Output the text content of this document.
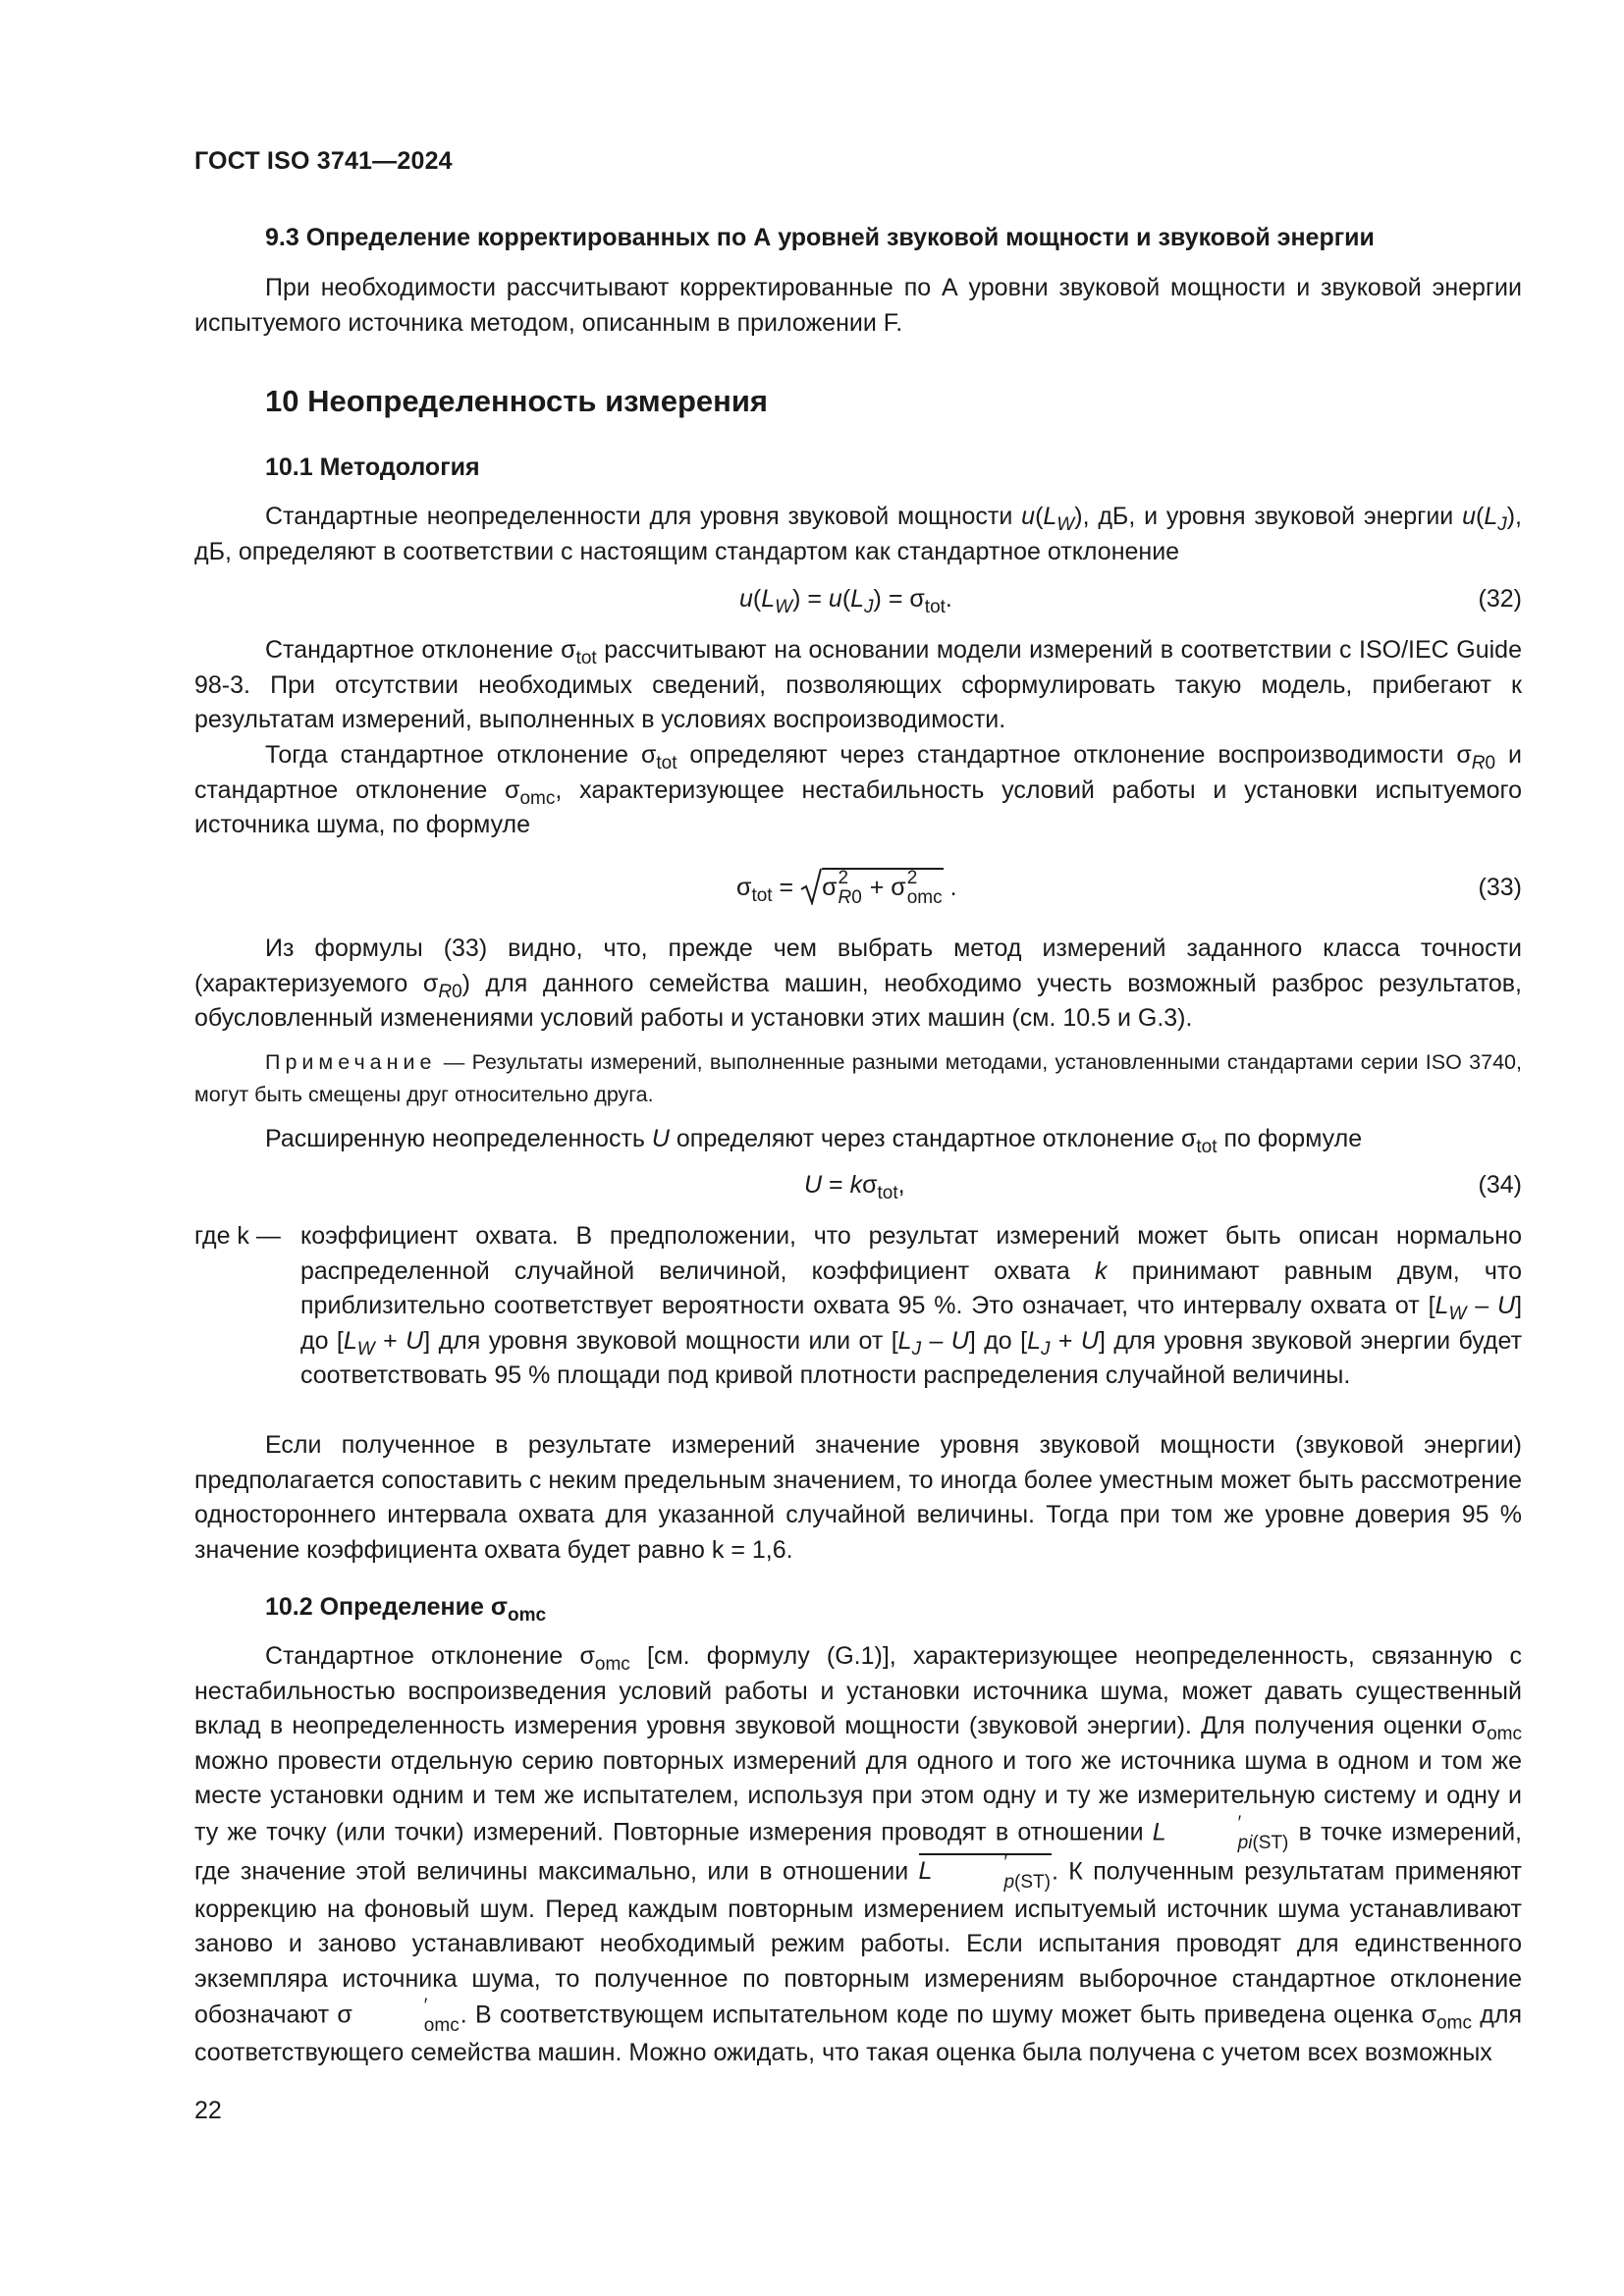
ГОСТ ISO 3741—2024
9.3 Определение корректированных по А уровней звуковой мощности и звуковой энергии
При необходимости рассчитывают корректированные по А уровни звуковой мощности и звуковой энергии испытуемого источника методом, описанным в приложении F.
10 Неопределенность измерения
10.1 Методология
Стандартные неопределенности для уровня звуковой мощности $u(L_W)$, дБ, и уровня звуковой энергии $u(L_J)$, дБ, определяют в соответствии с настоящим стандартом как стандартное отклонение
$u(L_W) = u(L_J) = \sigma_{tot}$.	(32)
Стандартное отклонение $\sigma_{tot}$ рассчитывают на основании модели измерений в соответствии с ISO/IEC Guide 98-3. При отсутствии необходимых сведений, позволяющих сформулировать такую модель, прибегают к результатам измерений, выполненных в условиях воспроизводимости.
Тогда стандартное отклонение $\sigma_{tot}$ определяют через стандартное отклонение воспроизводимости $\sigma_{R0}$ и стандартное отклонение $\sigma_{omc}$, характеризующее нестабильность условий работы и установки испытуемого источника шума, по формуле
$\sigma_{tot} = \sigma$ 2
R0 + σ 2
omc .	(33)
Из формулы (33) видно, что, прежде чем выбрать метод измерений заданного класса точности (характеризуемого $\sigma_{R0}$) для данного семейства машин, необходимо учесть возможный разброс результатов, обусловленный изменениями условий работы и установки этих машин (см. 10.5 и G.3).
Примечание — Результаты измерений, выполненные разными методами, установленными стандартами серии ISO 3740, могут быть смещены друг относительно друга.
Расширенную неопределенность U определяют через стандартное отклонение $\sigma_{tot}$ по формуле
$U = k\sigma_{tot}$,	(34)
где k — коэффициент охвата. В предположении, что результат измерений может быть описан нормально распределенной случайной величиной, коэффициент охвата k принимают равным двум, что приблизительно соответствует вероятности охвата 95 %. Это означает, что интервалу охвата от $[L_W - U]$ до $[L_W + U]$ для уровня звуковой мощности или от $[L_J - U]$ до $[L_J + U]$ для уровня звуковой энергии будет соответствовать 95 % площади под кривой плотности распределения случайной величины.
Если полученное в результате измерений значение уровня звуковой мощности (звуковой энергии) предполагается сопоставить с неким предельным значением, то иногда более уместным может быть рассмотрение одностороннего интервала охвата для указанной случайной величины. Тогда при том же уровне доверия 95 % значение коэффициента охвата будет равно k = 1,6.
10.2 Определение $\sigma_{omc}$
Стандартное отклонение $\sigma_{omc}$ [см. формулу (G.1)], характеризующее неопределенность, связанную с нестабильностью воспроизведения условий работы и установки источника шума, может давать существенный вклад в неопределенность измерения уровня звуковой мощности (звуковой энергии). Для получения оценки $\sigma_{omc}$ можно провести отдельную серию повторных измерений для одного и того же источника шума в одном и том же месте установки одним и тем же испытателем, используя при этом одну и ту же измерительную систему и одну и ту же точку (или точки) измерений. Повторные измерения проводят в отношении L	′
pi(ST) в точке измерений, где значение этой величины максимально, или в отношении L	′
p(ST) . К полученным результатам применяют коррекцию на фоновый шум. Перед каждым повторным измерением испытуемый источник шума устанавливают заново и заново устанавливают необходимый режим работы. Если испытания проводят для единственного экземпляра источника шума, то полученное по повторным измерениям выборочное стандартное отклонение обозначают σ	′
omc . В соответствующем испытательном коде по шуму может быть приведена оценка $\sigma_{omc}$ для соответствующего семейства машин. Можно ожидать, что такая оценка была получена с учетом всех возможных
22
